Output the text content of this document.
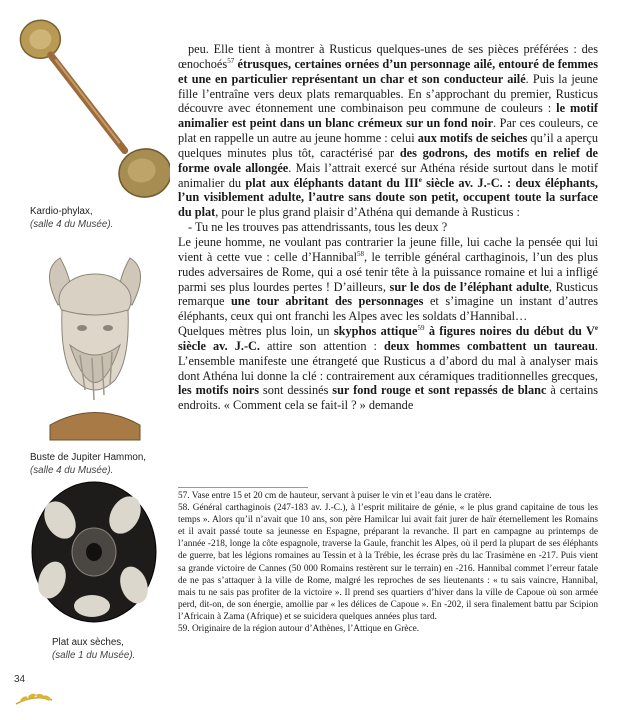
Kardio-phylax,
(salle 4 du Musée).
Buste de Jupiter Hammon,
(salle 4 du Musée).
Plat aux sèches,
(salle 1 du Musée).

peu. Elle tient à montrer à Rusticus quelques-unes de ses pièces préférées : des œnochoés$^{57}$ étrusques, certaines ornées d’un personnage ailé, entouré de femmes et une en particulier représentant un char et son conducteur ailé. Puis la jeune fille l’entraîne vers deux plats remarquables. En s’approchant du premier, Rusticus découvre avec étonnement une combinaison peu commune de couleurs : le motif animalier est peint dans un blanc crémeux sur un fond noir. Par ces couleurs, ce plat en rappelle un autre au jeune homme : celui aux motifs de seiches qu’il a aperçu quelques minutes plus tôt, caractérisé par des godrons, des motifs en relief de forme ovale allongée. Mais l’attrait exercé sur Athéna réside surtout dans le motif animalier du plat aux éléphants datant du IIIe siècle av. J.-C. : deux éléphants, l’un visiblement adulte, l’autre sans doute son petit, occupent toute la surface du plat, pour le plus grand plaisir d’Athéna qui demande à Rusticus :

- Tu ne les trouves pas attendrissants, tous les deux ?

Le jeune homme, ne voulant pas contrarier la jeune fille, lui cache la pensée qui lui vient à cette vue : celle d’Hannibal$^{58}$, le terrible général carthaginois, l’un des plus rudes adversaires de Rome, qui a osé tenir tête à la puissance romaine et lui a infligé parmi ses plus lourdes pertes ! D’ailleurs, sur le dos de l’éléphant adulte, Rusticus remarque une tour abritant des personnages et s’imagine un instant d’autres éléphants, ceux qui ont franchi les Alpes avec les soldats d’Hannibal…

Quelques mètres plus loin, un skyphos attique$^{59}$ à figures noires du début du Ve siècle av. J.-C. attire son attention : deux hommes combattent un taureau. L’ensemble manifeste une étrangeté que Rusticus a d’abord du mal à analyser mais dont Athéna lui donne la clé : contrairement aux céramiques traditionnelles grecques, les motifs noirs sont dessinés sur fond rouge et sont repassés de blanc à certains endroits. « Comment cela se fait-il ? » demande

57. Vase entre 15 et 20 cm de hauteur, servant à puiser le vin et l’eau dans le cratère.

58. Général carthaginois (247-183 av. J.-C.), à l’esprit militaire de génie, « le plus grand capitaine de tous les temps ». Alors qu’il n’avait que 10 ans, son père Hamilcar lui avait fait jurer de haïr éternellement les Romains et il avait passé toute sa jeunesse en Espagne, préparant la revanche. Il part en campagne au printemps de l’année -218, longe la côte espagnole, traverse la Gaule, franchit les Alpes, où il perd la plupart de ses éléphants de guerre, bat les légions romaines au Tessin et à la Trébie, les écrase près du lac Trasimène en -217. Puis vient sa grande victoire de Cannes (50 000 Romains restèrent sur le terrain) en -216. Hannibal commet l’erreur fatale de ne pas s’attaquer à la ville de Rome, malgré les reproches de ses lieutenants : « tu sais vaincre, Hannibal, mais tu ne sais pas profiter de la victoire ». Il prend ses quartiers d’hiver dans la ville de Capoue où son armée perd, dit-on, de son énergie, amollie par « les délices de Capoue ». En -202, il sera finalement battu par Scipion l’Africain à Zama (Afrique) et se suicidera quelques années plus tard.

59. Originaire de la région autour d’Athènes, l’Attique en Grèce.

34
